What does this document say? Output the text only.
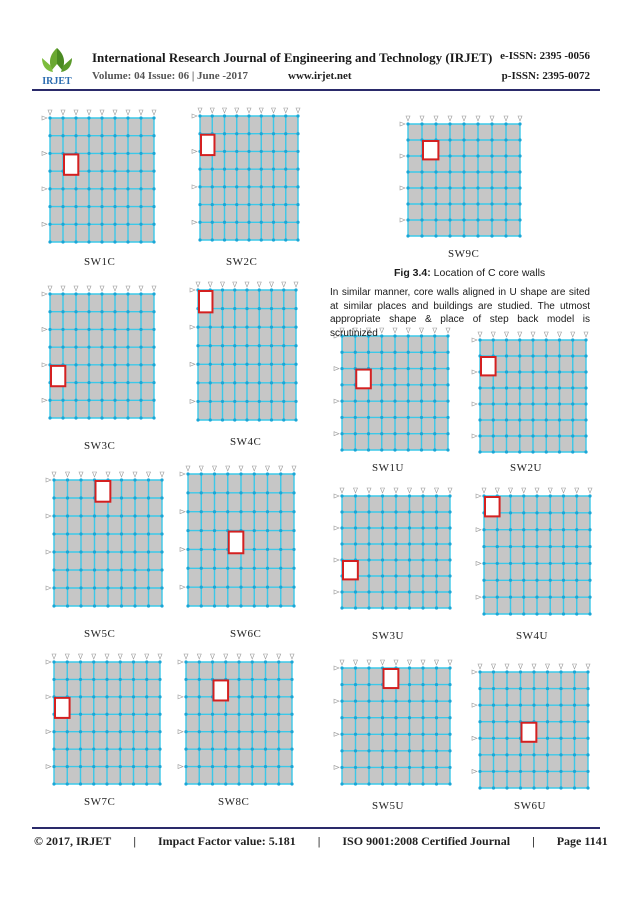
IRJET
International Research Journal of Engineering and Technology (IRJET) e-ISSN: 2395 -0056
Volume: 04 Issue: 06 | June -2017	www.irjet.net	p-ISSN: 2395-0072
SW1C	SW2C
SW3C	SW4C
SW5C	SW6C
SW7C	SW8C
SW9C
SW1U	SW2U
SW3U	SW4U
SW5U	SW6U
Fig 3.4: Location of C core walls
In similar manner, core walls aligned in U shape are sited at similar places and buildings are studied. The utmost appropriate shape & place of step back model is scrutinized
© 2017, IRJET | Impact Factor value: 5.181 | ISO 9001:2008 Certified Journal | Page 1141
